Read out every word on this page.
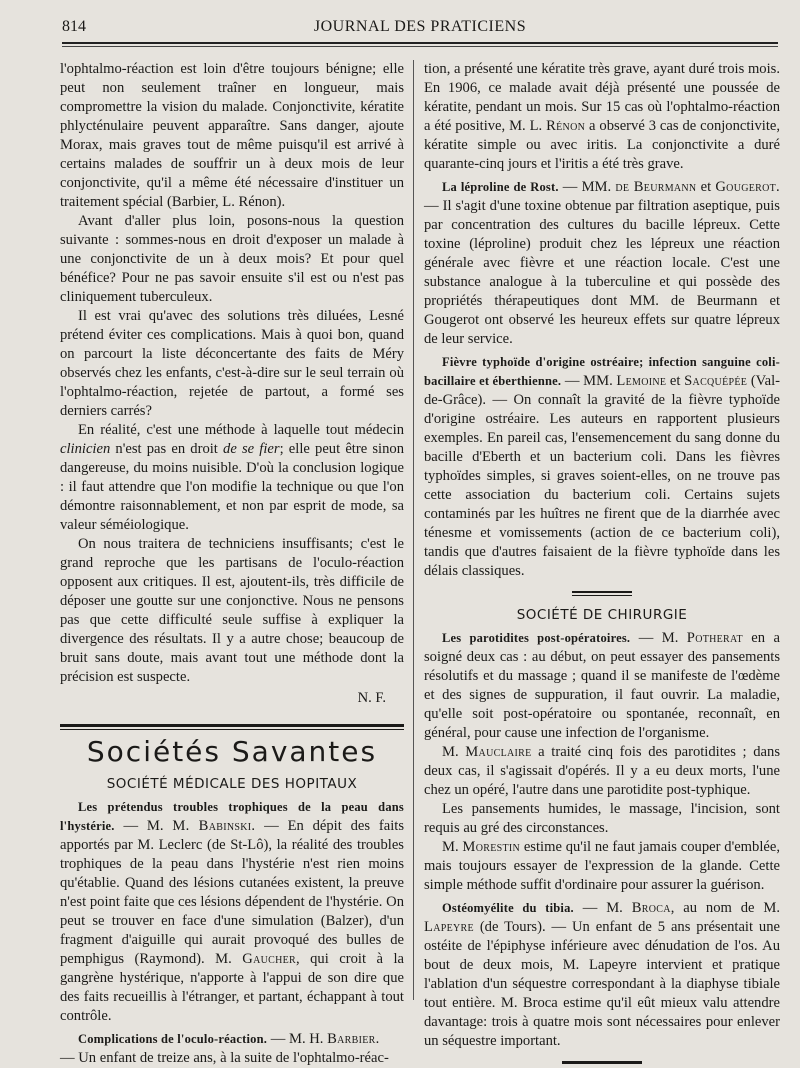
814	JOURNAL DES PRATICIENS

l'ophtalmo-réaction est loin d'être toujours bénigne; elle peut non seulement traîner en longueur, mais compromettre la vision du malade. Conjonctivite, kératite phlycténulaire peuvent apparaître. Sans danger, ajoute Morax, mais graves tout de même puisqu'il est arrivé à certains malades de souffrir un à deux mois de leur conjonctivite, qu'il a même été nécessaire d'instituer un traitement spécial (Barbier, L. Rénon).

Avant d'aller plus loin, posons-nous la question suivante : sommes-nous en droit d'exposer un malade à une conjonctivite de un à deux mois? Et pour quel bénéfice? Pour ne pas savoir ensuite s'il est ou n'est pas cliniquement tuberculeux.

Il est vrai qu'avec des solutions très diluées, Lesné prétend éviter ces complications. Mais à quoi bon, quand on parcourt la liste déconcertante des faits de Méry observés chez les enfants, c'est-à-dire sur le seul terrain où l'ophtalmo-réaction, rejetée de partout, a formé ses derniers carrés?

En réalité, c'est une méthode à laquelle tout médecin clinicien n'est pas en droit de se fier; elle peut être sinon dangereuse, du moins nuisible. D'où la conclusion logique : il faut attendre que l'on modifie la technique ou que l'on démontre raisonnablement, et non par esprit de mode, sa valeur séméiologique.

On nous traitera de techniciens insuffisants; c'est le grand reproche que les partisans de l'oculo-réaction opposent aux critiques. Il est, ajoutent-ils, très difficile de déposer une goutte sur une conjonctive. Nous ne pensons pas que cette difficulté seule suffise à expliquer la divergence des résultats. Il y a autre chose; beaucoup de bruit sans doute, mais avant tout une méthode dont la précision est suspecte.

N. F.

Sociétés Savantes
SOCIÉTÉ MÉDICALE DES HOPITAUX

Les prétendus troubles trophiques de la peau dans l'hystérie. — M. M. Babinski. — En dépit des faits apportés par M. Leclerc (de St-Lô), la réalité des troubles trophiques de la peau dans l'hystérie n'est rien moins qu'établie. Quand des lésions cutanées existent, la preuve n'est point faite que ces lésions dépendent de l'hystérie. On peut se trouver en face d'une simulation (Balzer), d'un fragment d'aiguille qui aurait provoqué des bulles de pemphigus (Raymond). M. Gaucher, qui croit à la gangrène hystérique, n'apporte à l'appui de son dire que des faits recueillis à l'étranger, et partant, échappant à tout contrôle.

Complications de l'oculo-réaction. — M. H. Barbier.
— Un enfant de treize ans, à la suite de l'ophtalmo-réac-

tion, a présenté une kératite très grave, ayant duré trois mois. En 1906, ce malade avait déjà présenté une poussée de kératite, pendant un mois. Sur 15 cas où l'ophtalmo-réaction a été positive, M. L. Rénon a observé 3 cas de conjonctivite, kératite simple ou avec iritis. La conjonctivite a duré quarante-cinq jours et l'iritis a été très grave.

La léproline de Rost. — MM. de Beurmann et Gougerot. — Il s'agit d'une toxine obtenue par filtration aseptique, puis par concentration des cultures du bacille lépreux. Cette toxine (léproline) produit chez les lépreux une réaction générale avec fièvre et une réaction locale. C'est une substance analogue à la tuberculine et qui possède des propriétés thérapeutiques dont MM. de Beurmann et Gougerot ont observé les heureux effets sur quatre lépreux de leur service.

Fièvre typhoïde d'origine ostréaire; infection sanguine coli-bacillaire et éberthienne. — MM. Lemoine et Sacquépée (Val-de-Grâce). — On connaît la gravité de la fièvre typhoïde d'origine ostréaire. Les auteurs en rapportent plusieurs exemples. En pareil cas, l'ensemencement du sang donne du bacille d'Eberth et un bacterium coli. Dans les fièvres typhoïdes simples, si graves soient-elles, on ne trouve pas cette association du bacterium coli. Certains sujets contaminés par les huîtres ne firent que de la diarrhée avec ténesme et vomissements (action de ce bacterium coli), tandis que d'autres faisaient de la fièvre typhoïde dans les délais classiques.

SOCIÉTÉ DE CHIRURGIE

Les parotidites post-opératoires. — M. Potherat en a soigné deux cas : au début, on peut essayer des pansements résolutifs et du massage ; quand il se manifeste de l'œdème et des signes de suppuration, il faut ouvrir. La maladie, qu'elle soit post-opératoire ou spontanée, reconnaît, en général, pour cause une infection de l'organisme.

M. Mauclaire a traité cinq fois des parotidites ; dans deux cas, il s'agissait d'opérés. Il y a eu deux morts, l'une chez un opéré, l'autre dans une parotidite post-typhique.

Les pansements humides, le massage, l'incision, sont requis au gré des circonstances.

M. Morestin estime qu'il ne faut jamais couper d'emblée, mais toujours essayer de l'expression de la glande. Cette simple méthode suffit d'ordinaire pour assurer la guérison.

Ostéomyélite du tibia. — M. Broca, au nom de M. Lapeyre (de Tours). — Un enfant de 5 ans présentait une ostéite de l'épiphyse inférieure avec dénudation de l'os. Au bout de deux mois, M. Lapeyre intervient et pratique l'ablation d'un séquestre correspondant à la diaphyse tibiale tout entière. M. Broca estime qu'il eût mieux valu attendre davantage: trois à quatre mois sont nécessaires pour enlever un séquestre important.
